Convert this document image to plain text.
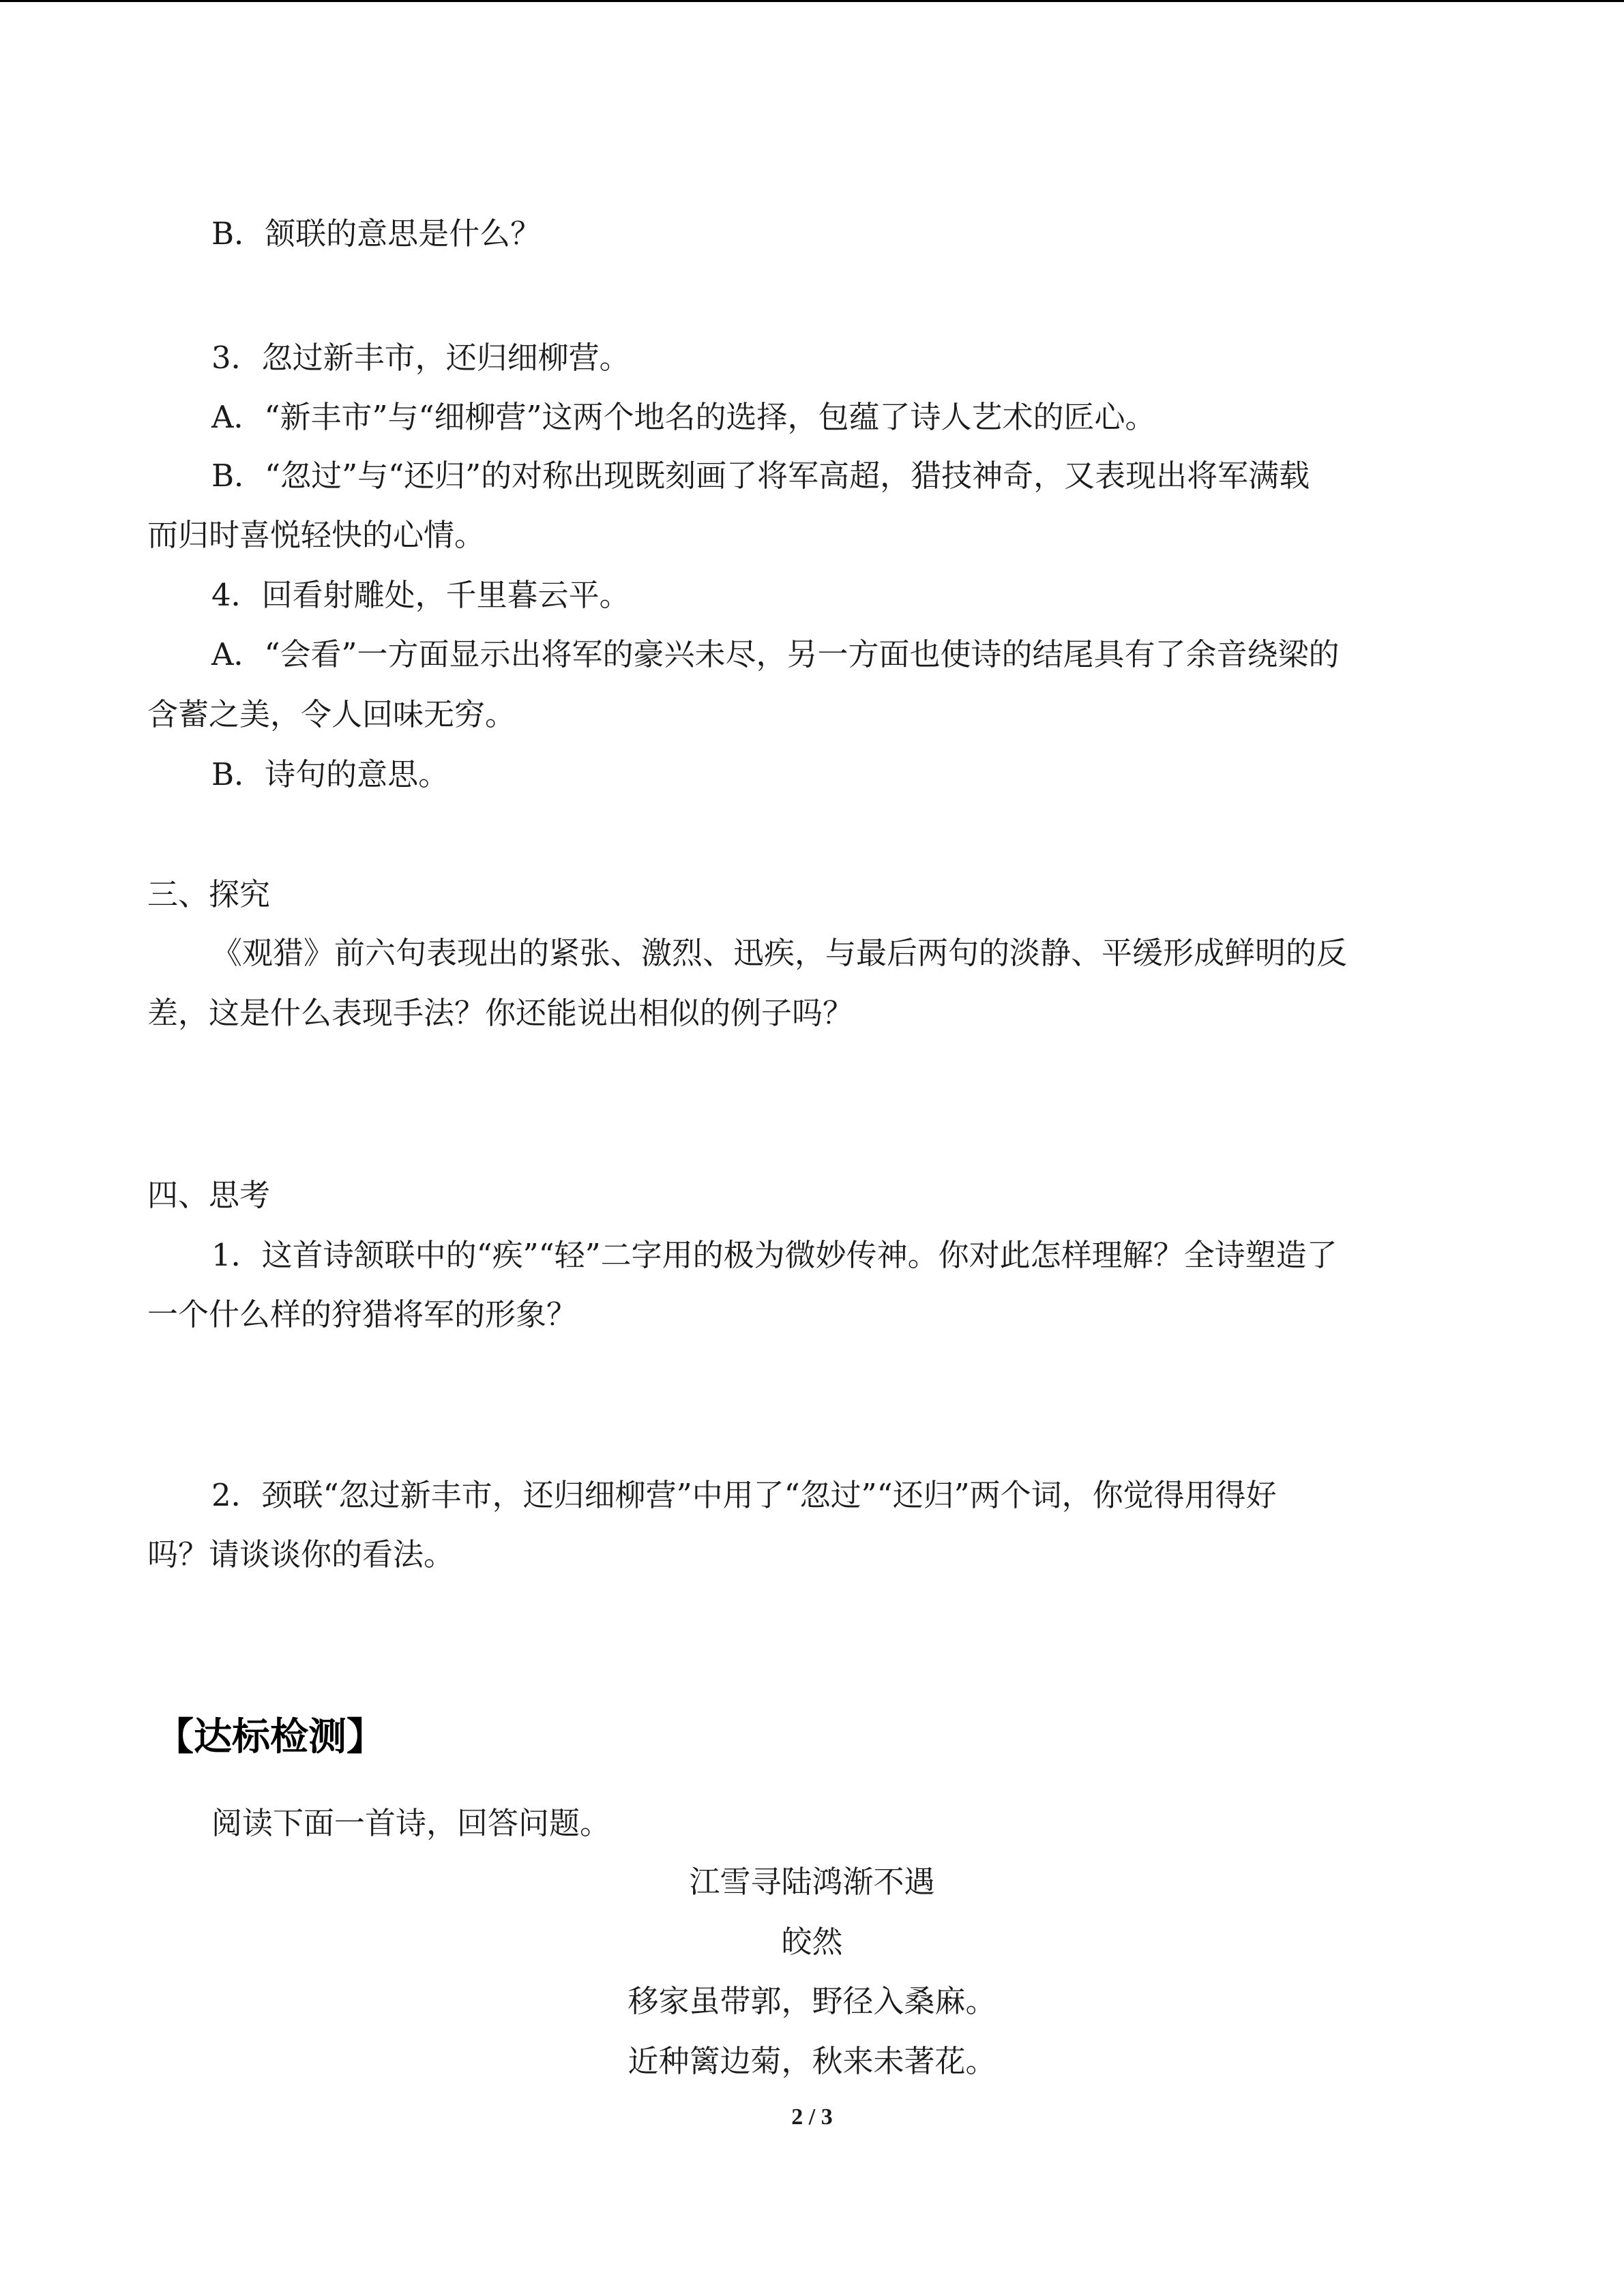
B．颔联的意思是什么？
3．忽过新丰市，还归细柳营。
A．“新丰市”与“细柳营”这两个地名的选择，包蕴了诗人艺术的匠心。
B．“忽过”与“还归”的对称出现既刻画了将军高超，猎技神奇，又表现出将军满载
而归时喜悦轻快的心情。
4．回看射雕处，千里暮云平。
A．“会看”一方面显示出将军的豪兴未尽，另一方面也使诗的结尾具有了余音绕梁的
含蓄之美，令人回味无穷。
B．诗句的意思。
三、探究
《观猎》前六句表现出的紧张、激烈、迅疾，与最后两句的淡静、平缓形成鲜明的反
差，这是什么表现手法？你还能说出相似的例子吗？
四、思考
1．这首诗颔联中的“疾”“轻”二字用的极为微妙传神。你对此怎样理解？全诗塑造了
一个什么样的狩猎将军的形象？
2．颈联“忽过新丰市，还归细柳营”中用了“忽过”“还归”两个词，你觉得用得好
吗？请谈谈你的看法。
【达标检测】
阅读下面一首诗，回答问题。
江雪寻陆鸿渐不遇
皎然
移家虽带郭，野径入桑麻。
近种篱边菊，秋来未著花。
2 / 3
